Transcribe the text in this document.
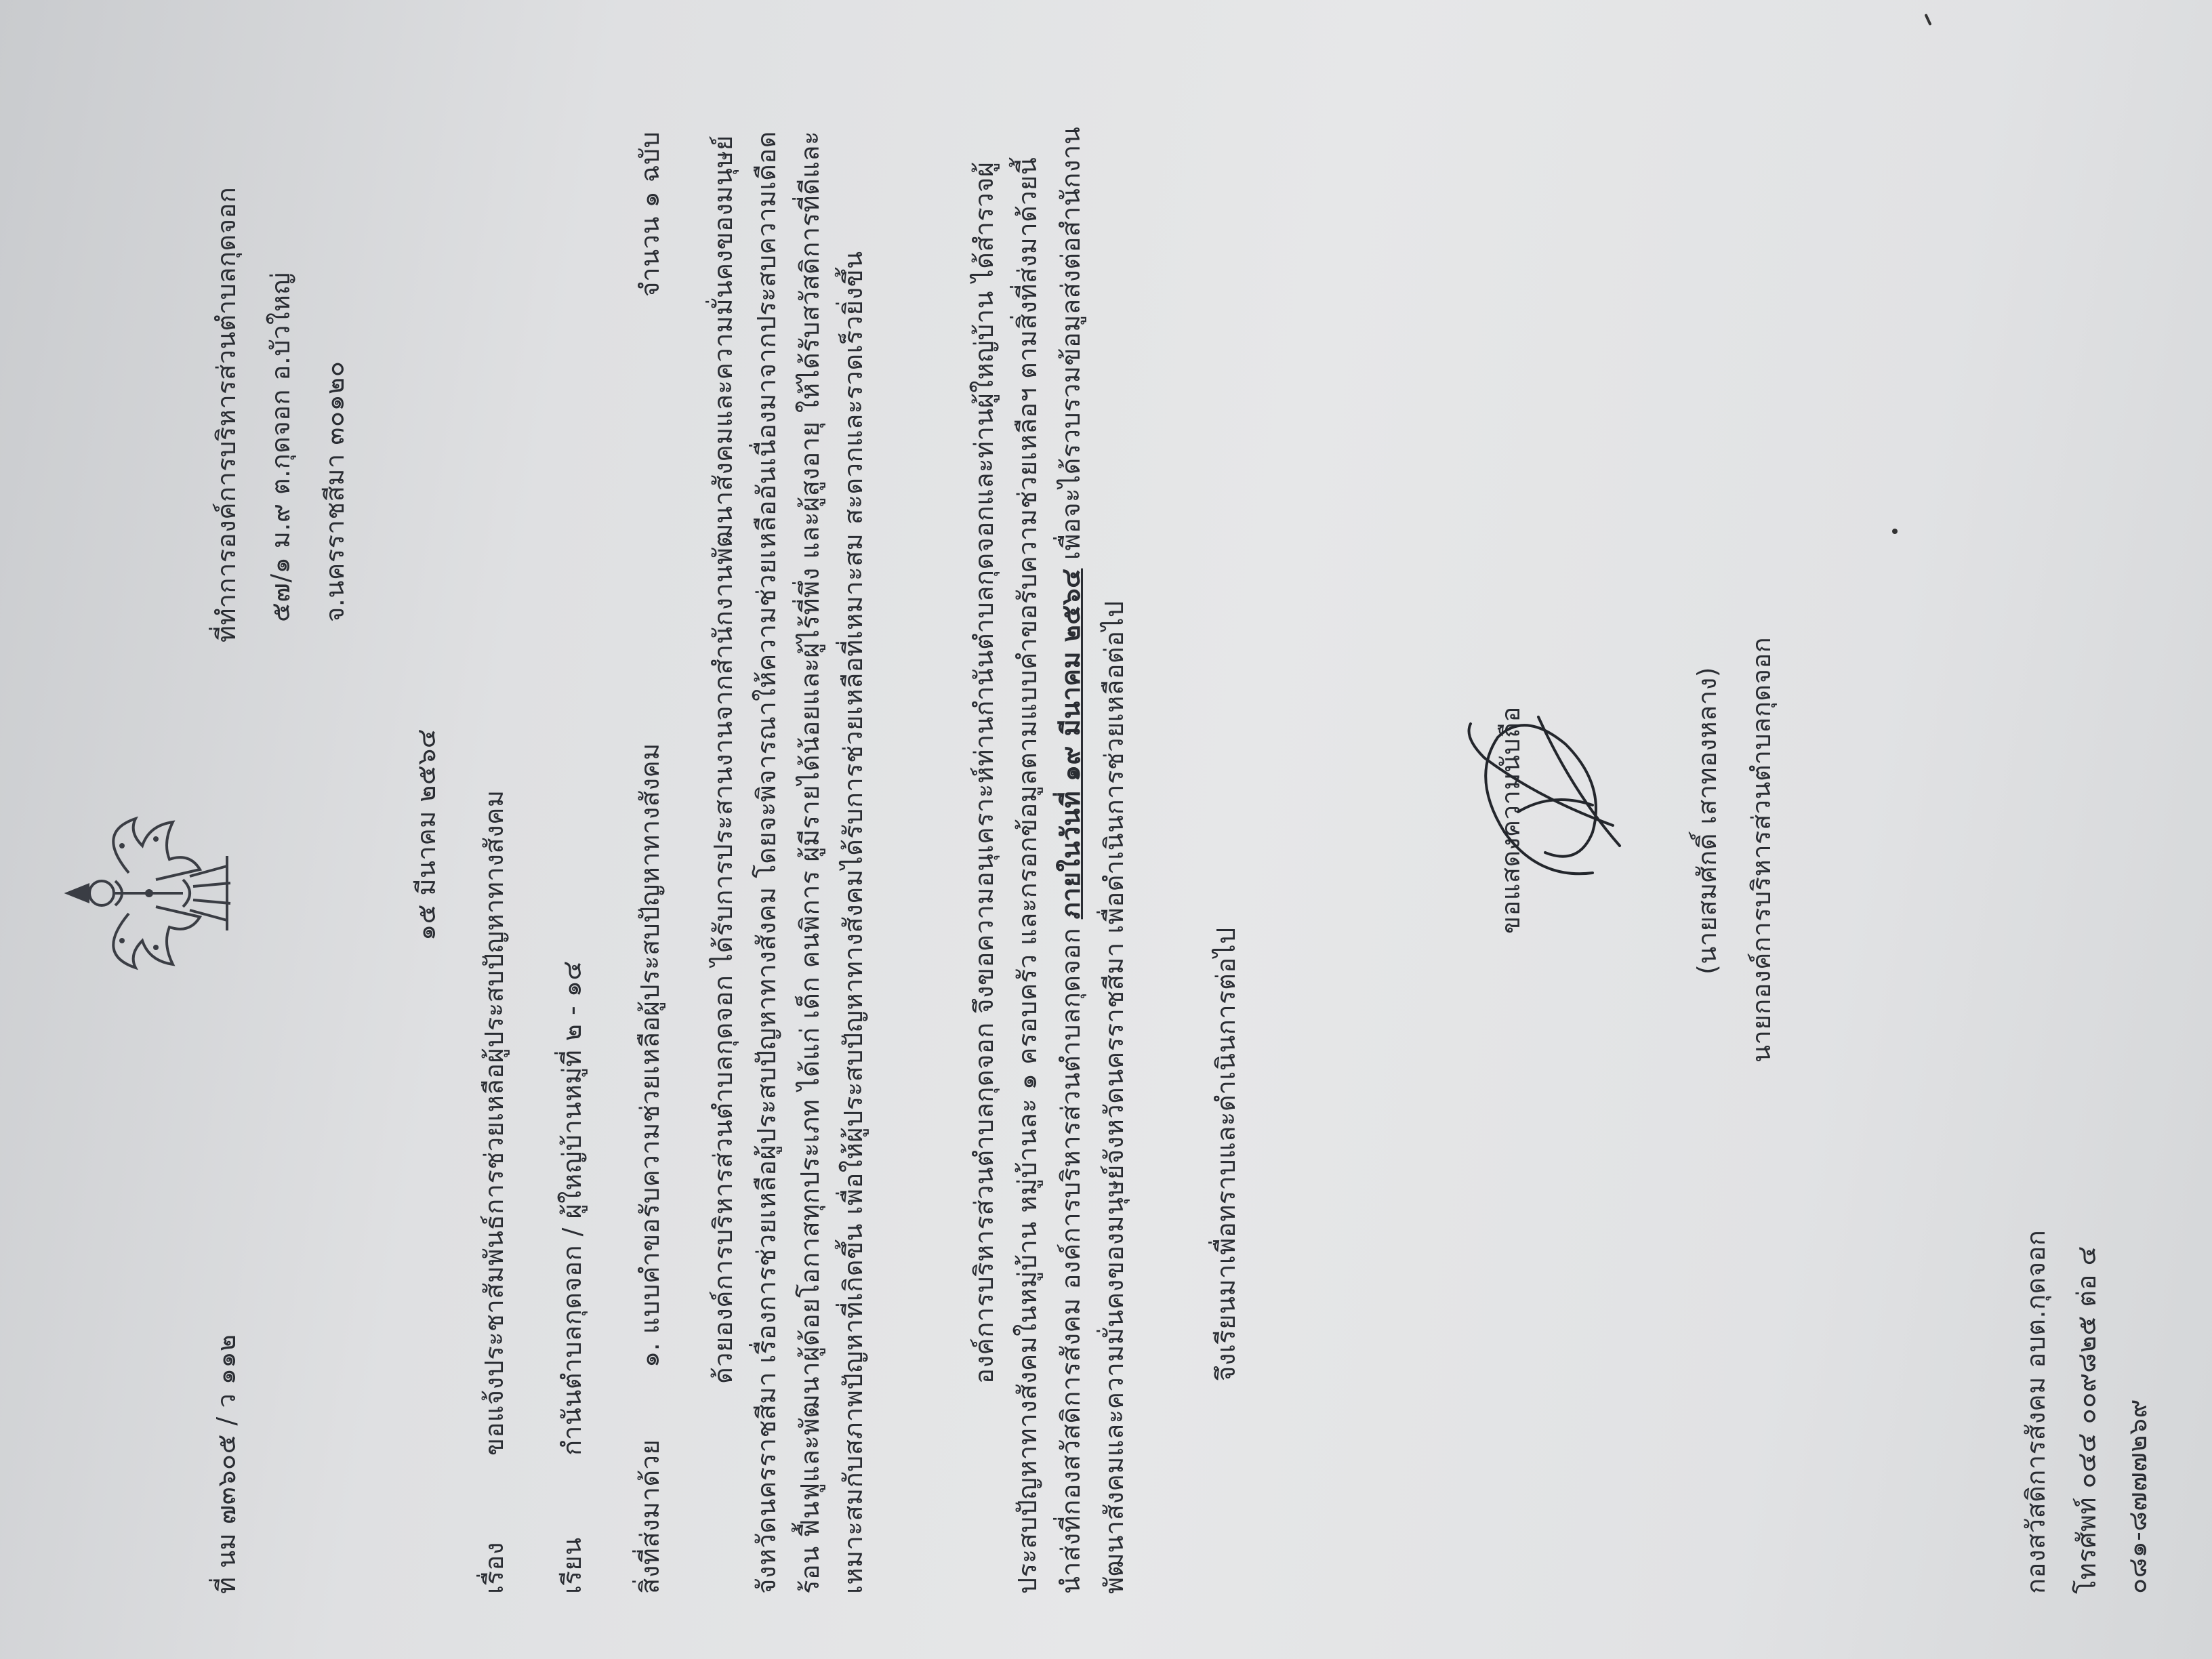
ที่ นม ๗๓๖๐๕ / ว ๑๑๒
ที่ทำการองค์การบริหารส่วนตำบลกุดจอก ๕๗/๑ ม.๙ ต.กุดจอก อ.บัวใหญ่ จ.นครราชสีมา ๓๐๑๒๐
๑๕ มีนาคม ๒๕๖๔
เรื่อง
ขอแจ้งประชาสัมพันธ์การช่วยเหลือผู้ประสบปัญหาทางสังคม
เรียน
กำนันตำบลกุดจอก / ผู้ใหญ่บ้านหมู่ที่ ๒ - ๑๔
สิ่งที่ส่งมาด้วย
๑. แบบคำขอรับความช่วยเหลือผู้ประสบปัญหาทางสังคม
จำนวน ๑ ฉบับ ด้วยองค์การบริหารส่วนตำบลกุดจอก ได้รับการประสานงานจากสำนักงานพัฒนาสังคมและความมั่นคงของมนุษย์จังหวัดนครราชสีมา เรื่องการช่วยเหลือผู้ประสบปัญหาทางสังคม โดยจะพิจารณาให้ความช่วยเหลืออันเนื่องมาจากประสบความเดือดร้อน ฟื้นฟูและพัฒนาผู้ด้อยโอกาสทุกประเภท ได้แก่ เด็ก คนพิการ ผู้มีรายได้น้อยและผู้ไร้ที่พึ่ง และผู้สูงอายุ ให้ได้รับสวัสดิการที่ดีและเหมาะสมกับสภาพปัญหาที่เกิดขึ้น เพื่อให้ผู้ประสบปัญหาทางสังคมได้รับการช่วยเหลือที่เหมาะสม สะดวกและรวดเร็วยิ่งขึ้น	องค์การบริหารส่วนตำบลกุดจอก จึงขอความอนุเคราะห์ท่านกำนันตำบลกุดจอกและท่านผู้ใหญ่บ้าน ได้สำรวจผู้ประสบปัญหาทางสังคมในหมู่บ้าน หมู่บ้านละ ๑ ครอบครัว และกรอกข้อมูลตามแบบคำขอรับความช่วยเหลือฯ ตามสิ่งที่ส่งมาด้วยนี้ นำส่งที่กองสวัสดิการสังคม องค์การบริหารส่วนตำบลกุดจอก ภายในวันที่ ๑๙ มีนาคม ๒๕๖๔ เพื่อจะได้รวบรวมข้อมูลส่งต่อสำนักงานพัฒนาสังคมและความมั่นคงของมนุษย์จังหวัดนครราชสีมา เพื่อดำเนินการช่วยเหลือต่อไป	จึงเรียนมาเพื่อทราบและดำเนินการต่อไป
ขอแสดงความนับถือ	(นายสมศักดิ์ เสาทองหลาง) นายกองค์การบริหารส่วนตำบลกุดจอก
กองสวัสดิการสังคม อบต.กุดจอก โทรศัพท์ ๐๔๔ ๐๐๙๘๒๕ ต่อ ๔ ๐๘๑-๘๗๗๗๒๖๙
